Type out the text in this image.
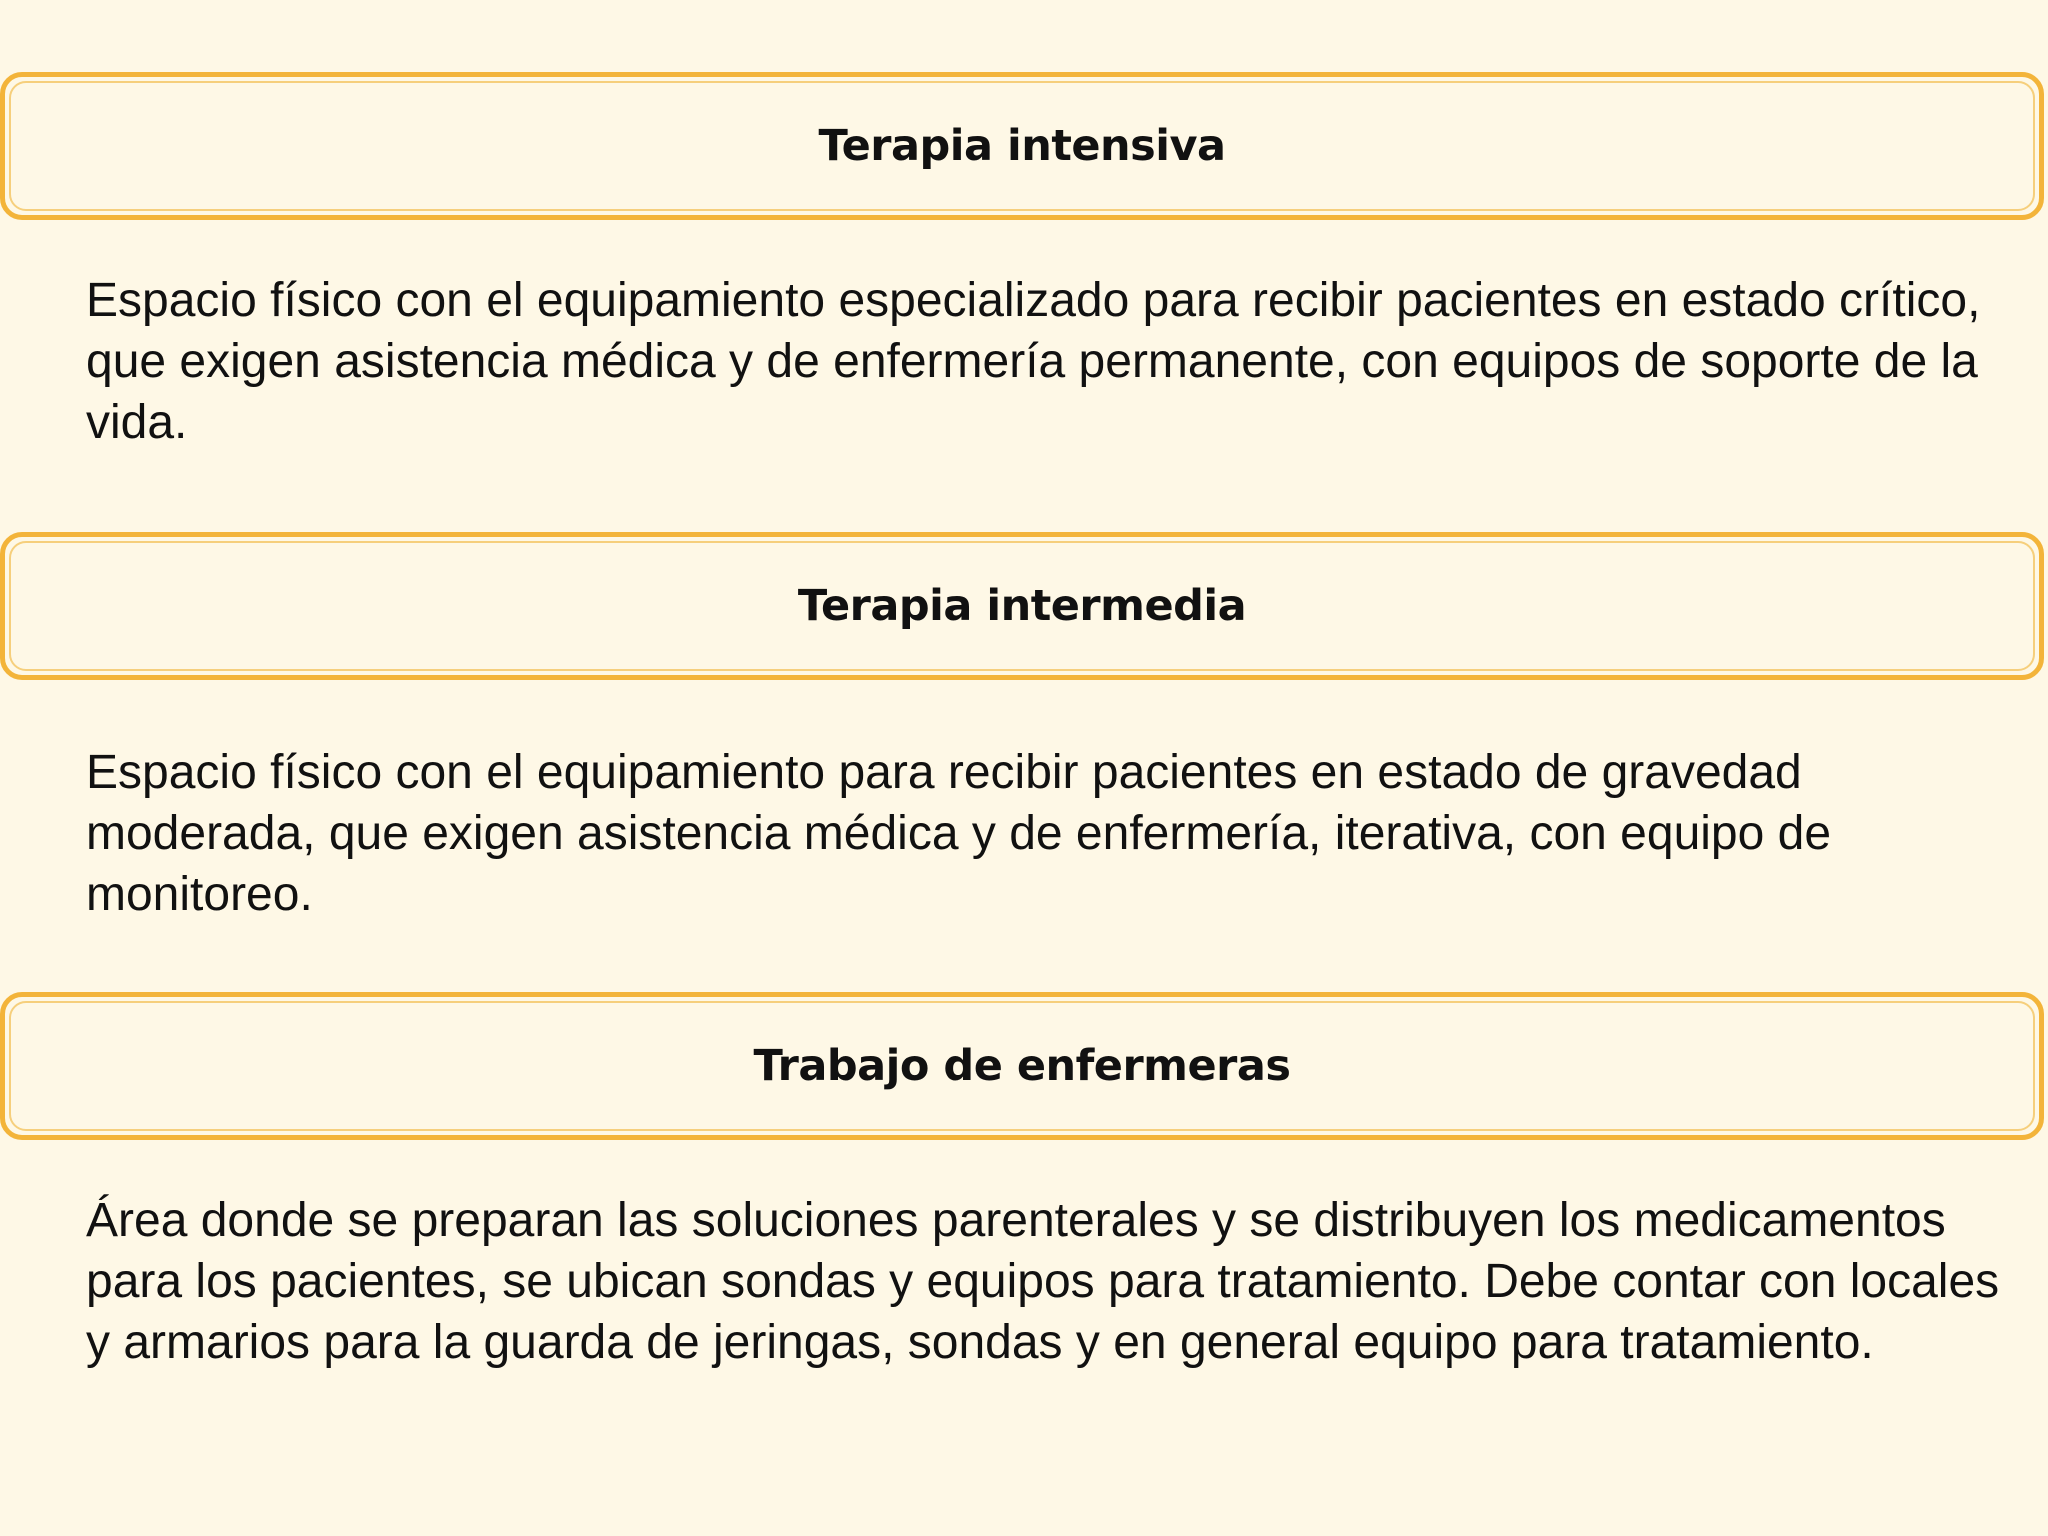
Terapia intensiva

Espacio físico con el equipamiento especializado para recibir pacientes en estado crítico, que exigen asistencia médica y de enfermería permanente, con equipos de soporte de la vida.

Terapia intermedia

Espacio físico con el equipamiento para recibir pacientes en estado de gravedad moderada, que exigen asistencia médica y de enfermería, iterativa, con equipo de monitoreo.

Trabajo de enfermeras

Área donde se preparan las soluciones parenterales y se distribuyen los medicamentos para los pacientes, se ubican sondas y equipos para tratamiento. Debe contar con locales y armarios para la guarda de jeringas, sondas y en general equipo para tratamiento.
